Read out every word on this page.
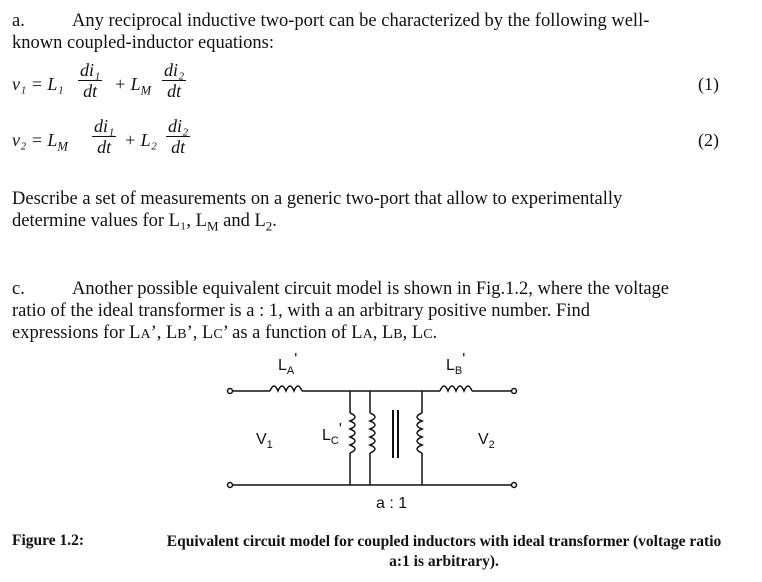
a.	Any reciprocal inductive two-port can be characterized by the following well-
known coupled-inductor equations:
$v_1 = L_1 \frac{\text{di₁}}{dt} + L_M \frac{\text{di₂}}{dt}$	(1)
$v_2 = L_M \frac{\text{di₁}}{dt} + L_2 \frac{\text{di₂}}{dt}$	(2)
Describe a set of measurements on a generic two-port that allow to experimentally
determine values for L₁, $L_M$ and $L_2$.
c.	Another possible equivalent circuit model is shown in Fig.1.2, where the voltage
ratio of the ideal transformer is a : 1, with a an arbitrary positive number. Find
expressions for LA’, LB’, LC’ as a function of LA, LB, LC.
$L_A'$	$L_B'$
$L_C'$
$V_1$	$V_2$
a : 1
Figure 1.2:	Equivalent circuit model for coupled inductors with ideal transformer (voltage ratio
a:1 is arbitrary).
